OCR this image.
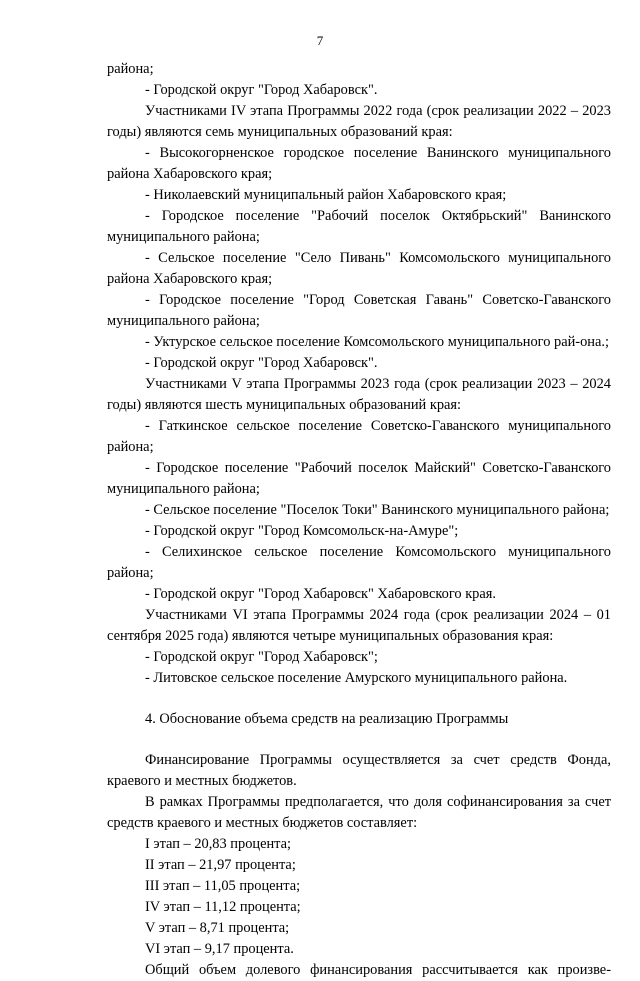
7

района;

- Городской округ "Город Хабаровск".

Участниками IV этапа Программы 2022 года (срок реализации 2022 – 2023 годы) являются семь муниципальных образований края:

- Высокогорненское городское поселение Ванинского муниципального района Хабаровского края;

- Николаевский муниципальный район Хабаровского края;

- Городское поселение "Рабочий поселок Октябрьский" Ванинского муниципального района;

- Сельское поселение "Село Пивань" Комсомольского муниципального района Хабаровского края;

- Городское поселение "Город Советская Гавань" Советско-Гаванского муниципального района;

- Уктурское сельское поселение Комсомольского муниципального рай-она.;

- Городской округ "Город Хабаровск".

Участниками V этапа Программы 2023 года (срок реализации 2023 – 2024 годы) являются шесть муниципальных образований края:

- Гаткинское сельское поселение Советско-Гаванского муниципального района;

- Городское поселение "Рабочий поселок Майский" Советско-Гаванского муниципального района;

- Сельское поселение "Поселок Токи" Ванинского муниципального района;

- Городской округ "Город Комсомольск-на-Амуре";

- Селихинское сельское поселение Комсомольского муниципального района;

- Городской округ "Город Хабаровск" Хабаровского края.

Участниками VI этапа Программы 2024 года (срок реализации 2024 – 01 сентября 2025 года) являются четыре муниципальных образования края:

- Городской округ "Город Хабаровск";

- Литовское сельское поселение Амурского муниципального района.

4. Обоснование объема средств на реализацию Программы

Финансирование Программы осуществляется за счет средств Фонда, краевого и местных бюджетов.

В рамках Программы предполагается, что доля софинансирования за счет средств краевого и местных бюджетов составляет:

I этап – 20,83 процента;

II этап – 21,97 процента;

III этап – 11,05 процента;

IV этап – 11,12 процента;

V этап – 8,71 процента;

VI этап – 9,17 процента.

Общий объем долевого финансирования рассчитывается как произве-
